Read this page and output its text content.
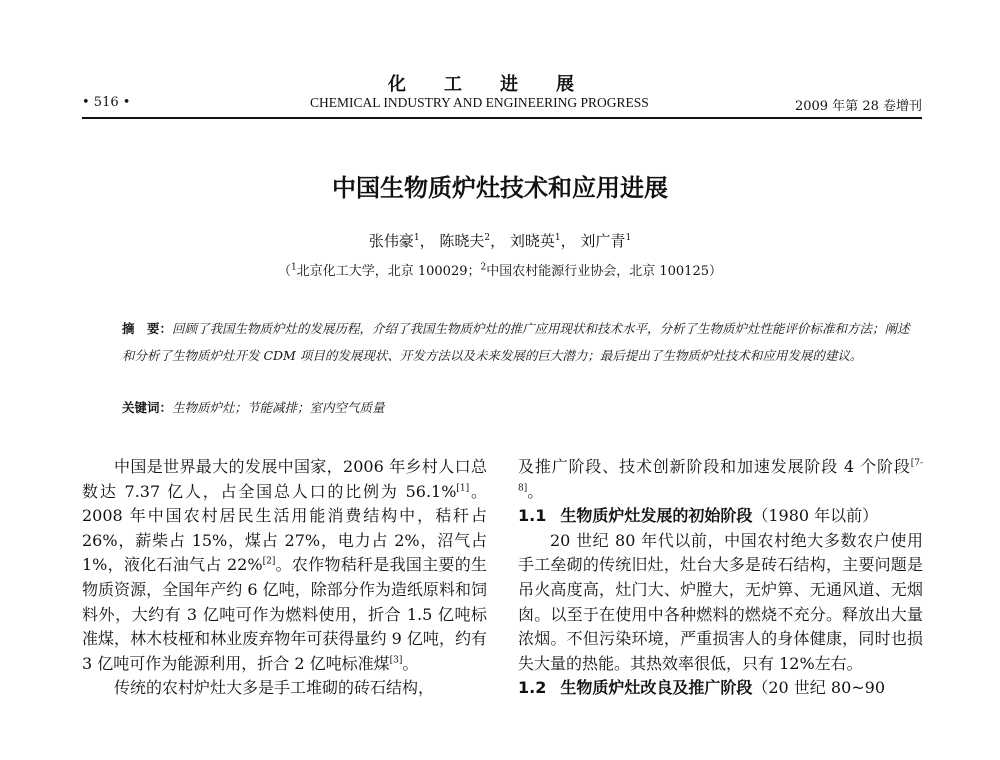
化工进展
• 516 •	CHEMICAL INDUSTRY AND ENGINEERING PROGRESS	2009 年第 28 卷增刊
中国生物质炉灶技术和应用进展
张伟豪$^1$， 陈晓夫$^2$， 刘晓英$^1$， 刘广青$^1$
（$^1$北京化工大学，北京 100029；$^2$中国农村能源行业协会，北京 100125）
摘　要：回顾了我国生物质炉灶的发展历程，介绍了我国生物质炉灶的推广应用现状和技术水平，分析了生物质炉灶性能评价标准和方法；阐述和分析了生物质炉灶开发 CDM 项目的发展现状、开发方法以及未来发展的巨大潜力；最后提出了生物质炉灶技术和应用发展的建议。
关键词：生物质炉灶；节能减排；室内空气质量

中国是世界最大的发展中国家，2006 年乡村人口总数达 7.37 亿人，占全国总人口的比例为 56.1%[1]。2008 年中国农村居民生活用能消费结构中，秸秆占 26%，薪柴占 15%，煤占 27%，电力占 2%，沼气占 1%，液化石油气占 22%[2]。农作物秸秆是我国主要的生物质资源，全国年产约 6 亿吨，除部分作为造纸原料和饲料外，大约有 3 亿吨可作为燃料使用，折合 1.5 亿吨标准煤，林木枝桠和林业废弃物年可获得量约 9 亿吨，约有 3 亿吨可作为能源利用，折合 2 亿吨标准煤[3]。

传统的农村炉灶大多是手工堆砌的砖石结构，

及推广阶段、技术创新阶段和加速发展阶段 4 个阶段[7-8]。

1.1 生物质炉灶发展的初始阶段（1980 年以前）

20 世纪 80 年代以前，中国农村绝大多数农户使用手工垒砌的传统旧灶，灶台大多是砖石结构，主要问题是吊火高度高，灶门大、炉膛大，无炉箅、无通风道、无烟囱。以至于在使用中各种燃料的燃烧不充分。释放出大量浓烟。不但污染环境，严重损害人的身体健康，同时也损失大量的热能。其热效率很低，只有 12%左右。

1.2 生物质炉灶改良及推广阶段（20 世纪 80~90
